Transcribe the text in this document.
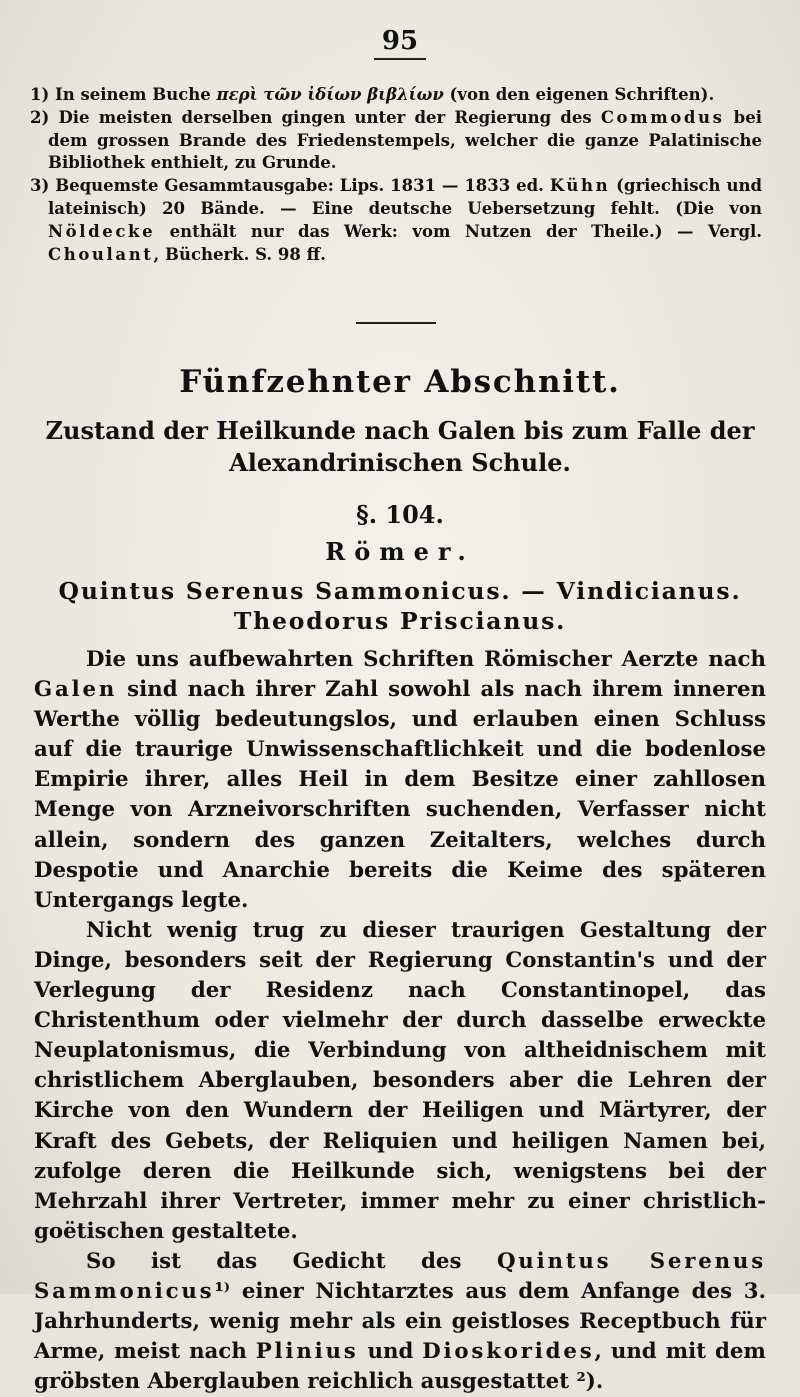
95

1) In seinem Buche περὶ τῶν ἰδίων βιβλίων (von den eigenen Schriften).

2) Die meisten derselben gingen unter der Regierung des Commodus bei dem grossen Brande des Friedenstempels, welcher die ganze Palatinische Bibliothek enthielt, zu Grunde.

3) Bequemste Gesammtausgabe: Lips. 1831 — 1833 ed. Kühn (griechisch und lateinisch) 20 Bände. — Eine deutsche Uebersetzung fehlt. (Die von Nöldecke enthält nur das Werk: vom Nutzen der Theile.) — Vergl. Choulant, Bücherk. S. 98 ff.

Fünfzehnter Abschnitt.
Zustand der Heilkunde nach Galen bis zum Falle der Alexandrinischen Schule.
§. 104.
Römer.
Quintus Serenus Sammonicus. — Vindicianus. Theodorus Priscianus.

Die uns aufbewahrten Schriften Römischer Aerzte nach Galen sind nach ihrer Zahl sowohl als nach ihrem inneren Werthe völlig bedeutungslos, und erlauben einen Schluss auf die traurige Unwissenschaftlichkeit und die bodenlose Empirie ihrer, alles Heil in dem Besitze einer zahllosen Menge von Arzneivorschriften suchenden, Verfasser nicht allein, sondern des ganzen Zeitalters, welches durch Despotie und Anarchie bereits die Keime des späteren Untergangs legte.

Nicht wenig trug zu dieser traurigen Gestaltung der Dinge, besonders seit der Regierung Constantin's und der Verlegung der Residenz nach Constantinopel, das Christenthum oder vielmehr der durch dasselbe erweckte Neuplatonismus, die Verbindung von altheidnischem mit christlichem Aberglauben, besonders aber die Lehren der Kirche von den Wundern der Heiligen und Märtyrer, der Kraft des Gebets, der Reliquien und heiligen Namen bei, zufolge deren die Heilkunde sich, wenigstens bei der Mehrzahl ihrer Vertreter, immer mehr zu einer christlich-goëtischen gestaltete.

So ist das Gedicht des Quintus Serenus Sammonicus¹⁾ einer Nichtarztes aus dem Anfange des 3. Jahrhunderts, wenig mehr als ein geistloses Receptbuch für Arme, meist nach Plinius und Dioskorides, und mit dem gröbsten Aberglauben reichlich ausgestattet ²).
